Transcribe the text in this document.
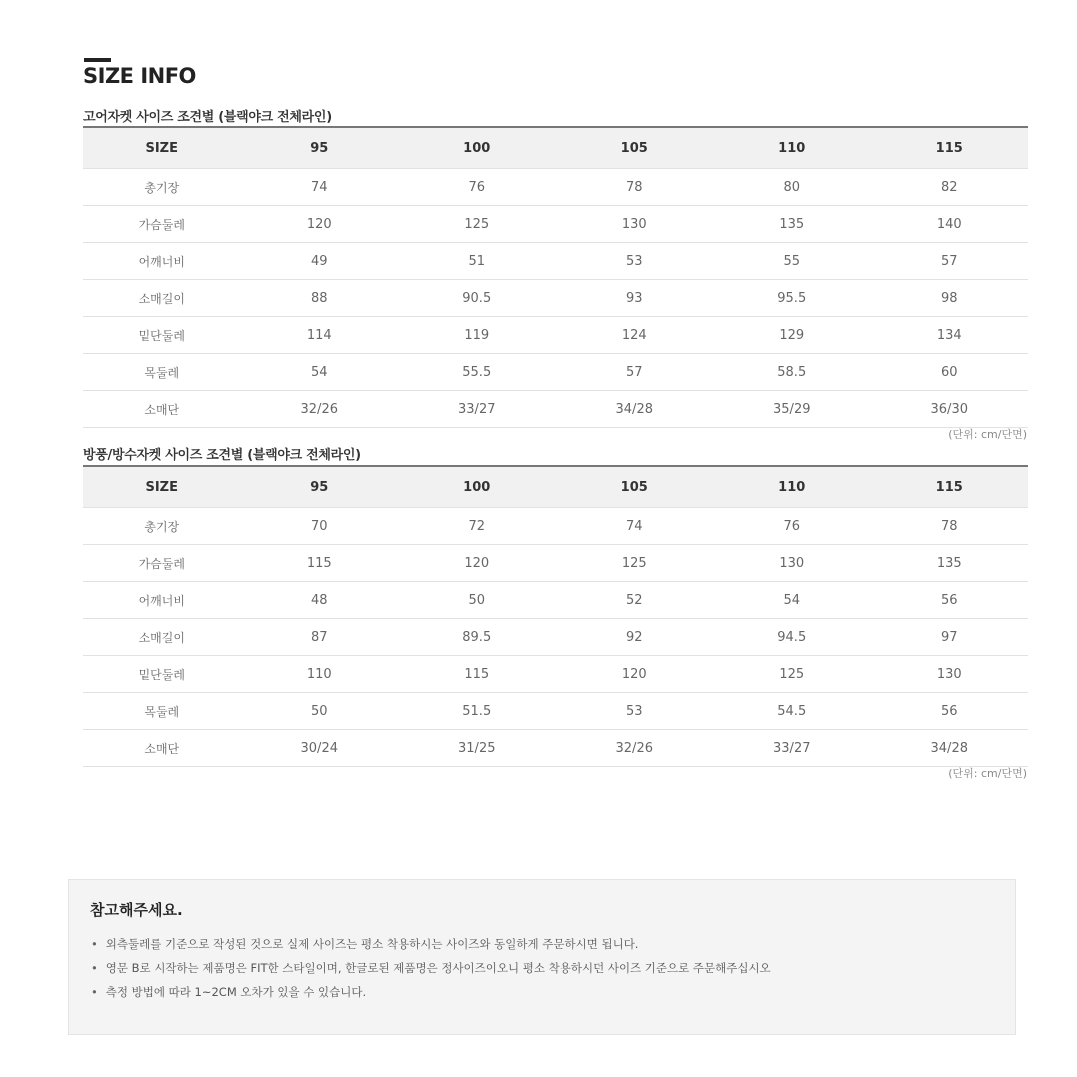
SIZE INFO
고어자켓 사이즈 조견별 (블랙야크 전체라인)
SIZE	95	100	105	110	115
총기장	74	76	78	80	82
가슴둘레	120	125	130	135	140
어깨너비	49	51	53	55	57
소매길이	88	90.5	93	95.5	98
밑단둘레	114	119	124	129	134
목둘레	54	55.5	57	58.5	60
소매단	32/26	33/27	34/28	35/29	36/30

(단위: cm/단면)

방풍/방수자켓 사이즈 조견별 (블랙야크 전체라인)
SIZE	95	100	105	110	115
총기장	70	72	74	76	78
가슴둘레	115	120	125	130	135
어깨너비	48	50	52	54	56
소매길이	87	89.5	92	94.5	97
밑단둘레	110	115	120	125	130
목둘레	50	51.5	53	54.5	56
소매단	30/24	31/25	32/26	33/27	34/28

(단위: cm/단면)

참고해주세요.
• 외측둘레를 기준으로 작성된 것으로 실제 사이즈는 평소 착용하시는 사이즈와 동일하게 주문하시면 됩니다.
• 영문 B로 시작하는 제품명은 FIT한 스타일이며, 한글로된 제품명은 정사이즈이오니 평소 착용하시던 사이즈 기준으로 주문해주십시오
• 측정 방법에 따라 1~2CM 오차가 있을 수 있습니다.
